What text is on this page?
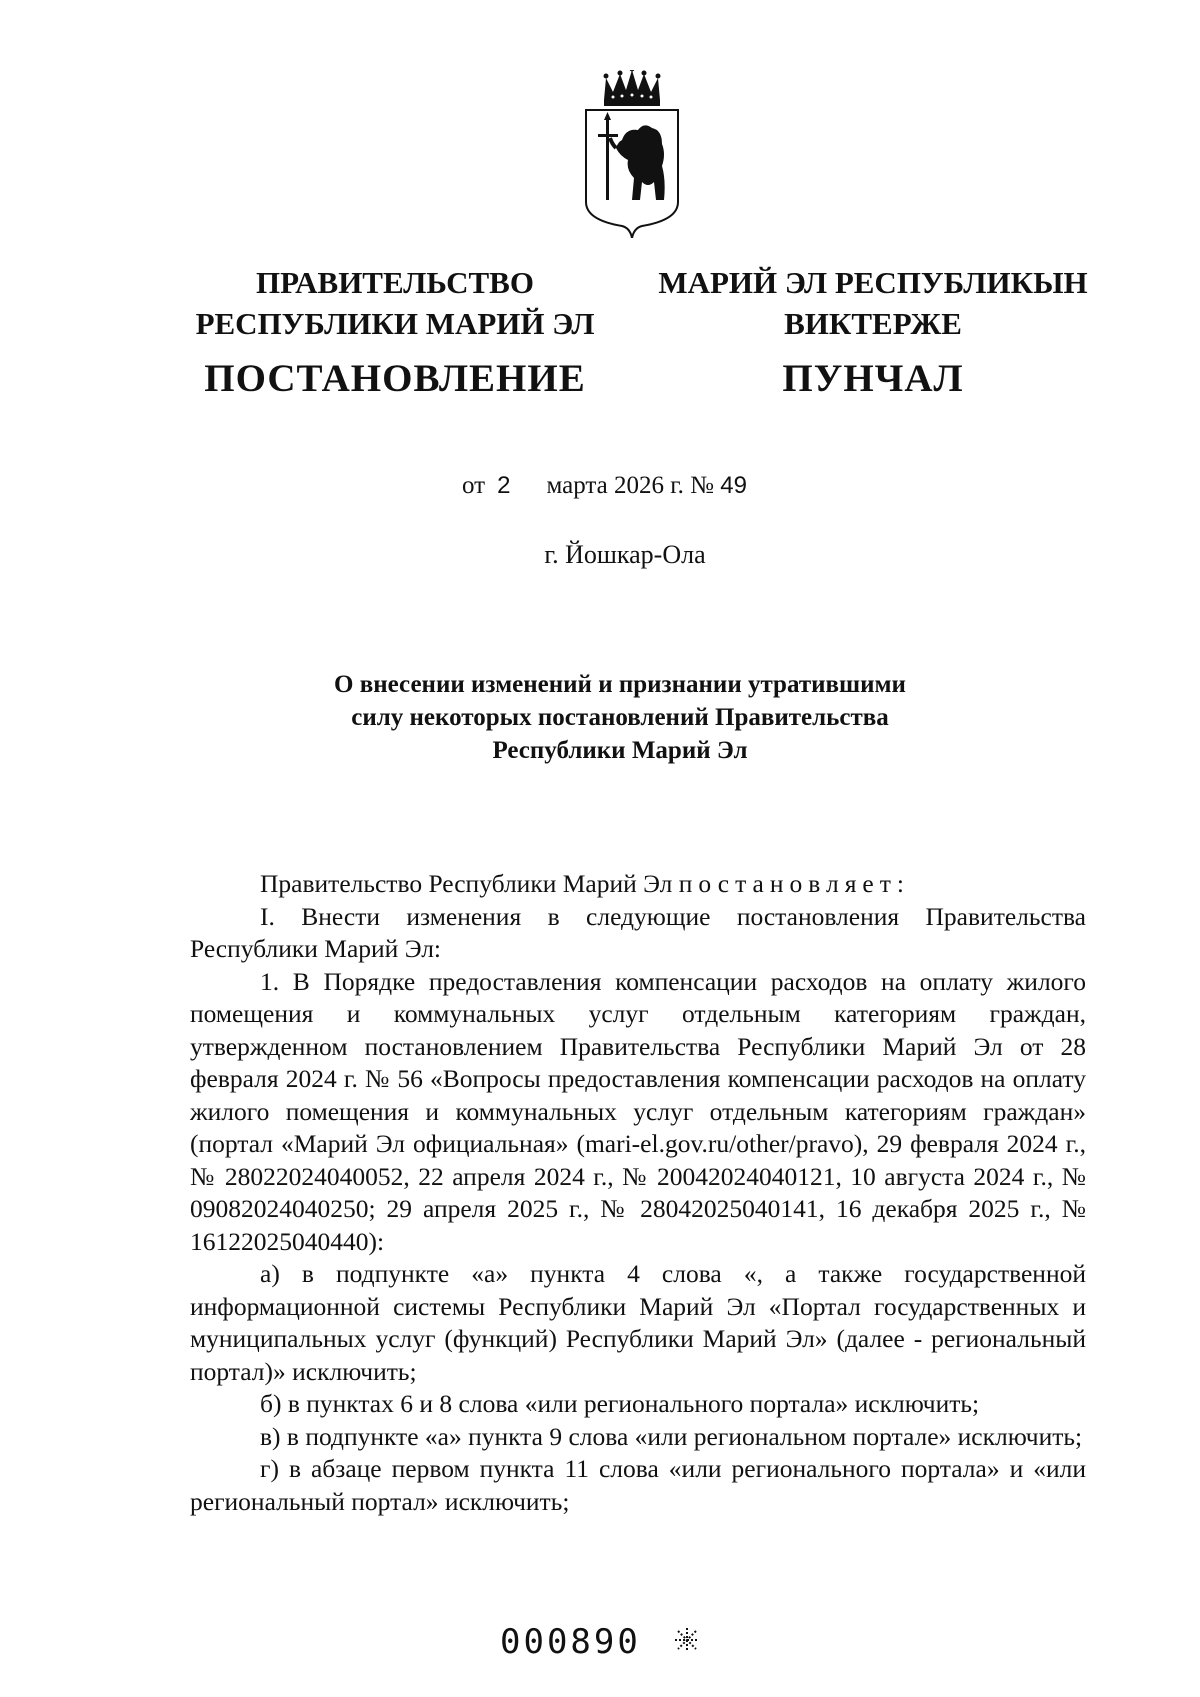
ПРАВИТЕЛЬСТВО
РЕСПУБЛИКИ МАРИЙ ЭЛ
ПОСТАНОВЛЕНИЕ
МАРИЙ ЭЛ РЕСПУБЛИКЫН
ВИКТЕРЖЕ
ПУНЧАЛ
от 2 марта 2026 г. № 49
г. Йошкар-Ола
О внесении изменений и признании утратившими
силу некоторых постановлений Правительства
Республики Марий Эл

Правительство Республики Марий Эл постановляет:

I. Внести изменения в следующие постановления Правительства Республики Марий Эл:

1. В Порядке предоставления компенсации расходов на оплату жилого помещения и коммунальных услуг отдельным категориям граждан, утвержденном постановлением Правительства Республики Марий Эл от 28 февраля 2024 г. № 56 «Вопросы предоставления компенсации расходов на оплату жилого помещения и коммунальных услуг отдельным категориям граждан» (портал «Марий Эл официальная» (mari-el.gov.ru/other/pravo), 29 февраля 2024 г., № 28022024040052, 22 апреля 2024 г., № 20042024040121, 10 августа 2024 г., № 09082024040250; 29 апреля 2025 г., № 28042025040141, 16 декабря 2025 г., № 16122025040440):

а) в подпункте «а» пункта 4 слова «, а также государственной информационной системы Республики Марий Эл «Портал государственных и муниципальных услуг (функций) Республики Марий Эл» (далее - региональный портал)» исключить;

б) в пунктах 6 и 8 слова «или регионального портала» исключить;

в) в подпункте «а» пункта 9 слова «или региональном портале» исключить;

г) в абзаце первом пункта 11 слова «или регионального портала» и «или региональный портал» исключить;

000890
